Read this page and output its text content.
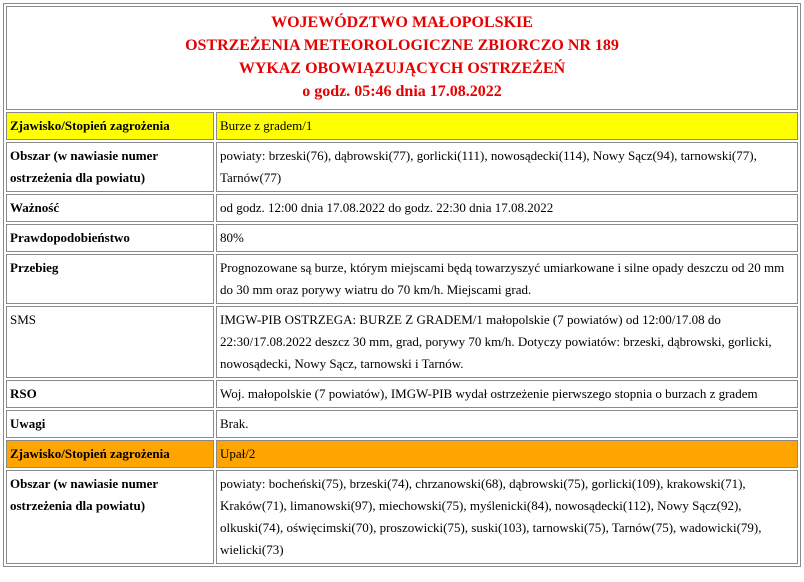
WOJEWÓDZTWO MAŁOPOLSKIE
OSTRZEŻENIA METEOROLOGICZNE ZBIORCZO NR 189
WYKAZ OBOWIĄZUJĄCYCH OSTRZEŻEŃ
o godz. 05:46 dnia 17.08.2022	

Zjawisko/Stopień zagrożenia	Burze z gradem/1
Obszar (w nawiasie numer ostrzeżenia dla powiatu)	powiaty: brzeski(76), dąbrowski(77), gorlicki(111), nowosądecki(114), Nowy Sącz(94), tarnowski(77), Tarnów(77)
Ważność	od godz. 12:00 dnia 17.08.2022 do godz. 22:30 dnia 17.08.2022
Prawdopodobieństwo	80%
Przebieg	Prognozowane są burze, którym miejscami będą towarzyszyć umiarkowane i silne opady deszczu od 20 mm do 30 mm oraz porywy wiatru do 70 km/h. Miejscami grad.
SMS	IMGW-PIB OSTRZEGA: BURZE Z GRADEM/1 małopolskie (7 powiatów) od 12:00/17.08 do 22:30/17.08.2022 deszcz 30 mm, grad, porywy 70 km/h. Dotyczy powiatów: brzeski, dąbrowski, gorlicki, nowosądecki, Nowy Sącz, tarnowski i Tarnów.
RSO	Woj. małopolskie (7 powiatów), IMGW-PIB wydał ostrzeżenie pierwszego stopnia o burzach z gradem
Uwagi	Brak.
Zjawisko/Stopień zagrożenia	Upał/2
Obszar (w nawiasie numer ostrzeżenia dla powiatu)	powiaty: bocheński(75), brzeski(74), chrzanowski(68), dąbrowski(75), gorlicki(109), krakowski(71), Kraków(71), limanowski(97), miechowski(75), myślenicki(84), nowosądecki(112), Nowy Sącz(92), olkuski(74), oświęcimski(70), proszowicki(75), suski(103), tarnowski(75), Tarnów(75), wadowicki(79), wielicki(73)
